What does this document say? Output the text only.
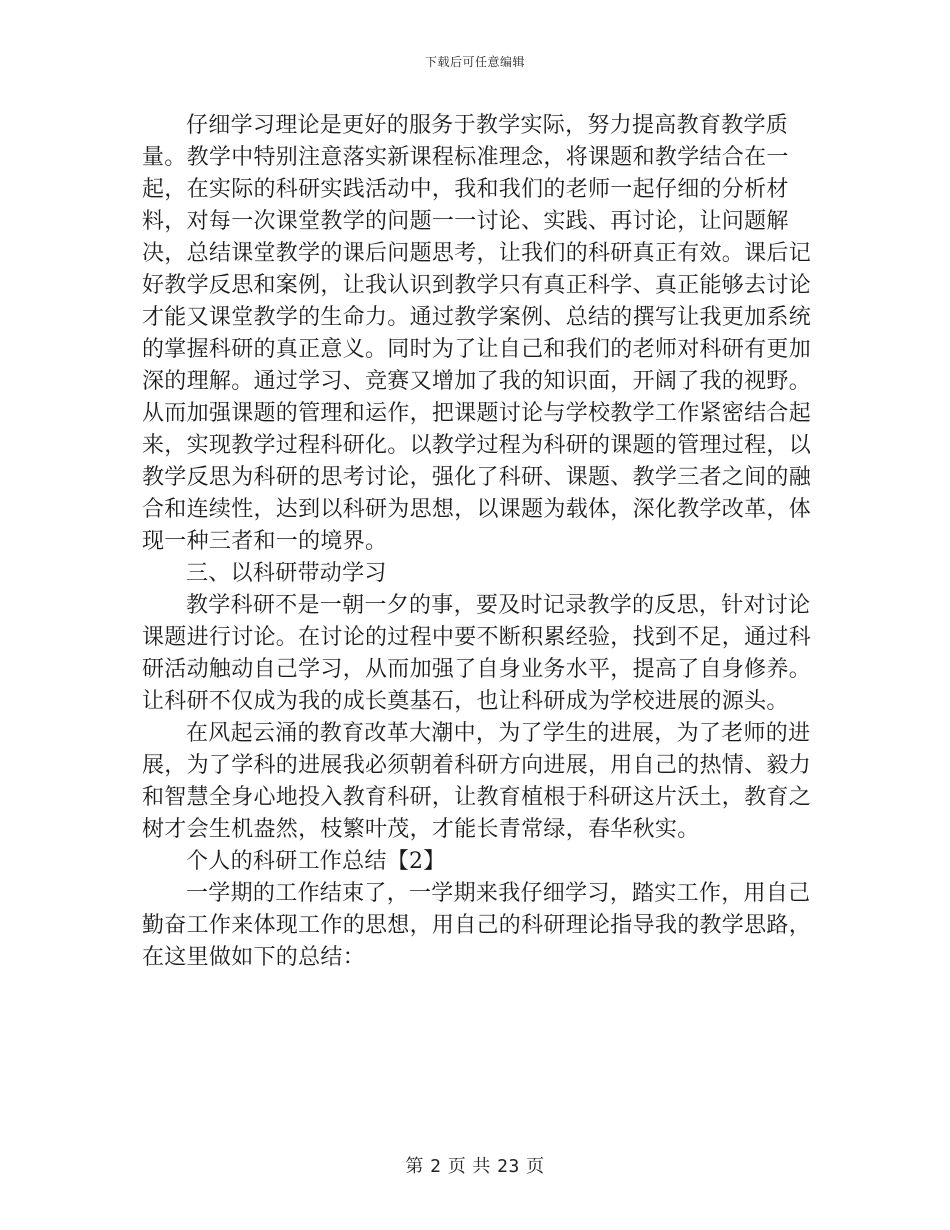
下载后可任意编辑

仔细学习理论是更好的服务于教学实际，努力提高教育教学质量。教学中特别注意落实新课程标准理念，将课题和教学结合在一起，在实际的科研实践活动中，我和我们的老师一起仔细的分析材料，对每一次课堂教学的问题一一讨论、实践、再讨论，让问题解决，总结课堂教学的课后问题思考，让我们的科研真正有效。课后记好教学反思和案例，让我认识到教学只有真正科学、真正能够去讨论才能又课堂教学的生命力。通过教学案例、总结的撰写让我更加系统的掌握科研的真正意义。同时为了让自己和我们的老师对科研有更加深的理解。通过学习、竞赛又增加了我的知识面，开阔了我的视野。从而加强课题的管理和运作，把课题讨论与学校教学工作紧密结合起来，实现教学过程科研化。以教学过程为科研的课题的管理过程，以教学反思为科研的思考讨论，强化了科研、课题、教学三者之间的融合和连续性，达到以科研为思想，以课题为载体，深化教学改革，体现一种三者和一的境界。

三、以科研带动学习

教学科研不是一朝一夕的事，要及时记录教学的反思，针对讨论课题进行讨论。在讨论的过程中要不断积累经验，找到不足，通过科研活动触动自己学习，从而加强了自身业务水平，提高了自身修养。让科研不仅成为我的成长奠基石，也让科研成为学校进展的源头。

在风起云涌的教育改革大潮中，为了学生的进展，为了老师的进展，为了学科的进展我必须朝着科研方向进展，用自己的热情、毅力和智慧全身心地投入教育科研，让教育植根于科研这片沃土，教育之树才会生机盎然，枝繁叶茂，才能长青常绿，春华秋实。

个人的科研工作总结【2】

一学期的工作结束了，一学期来我仔细学习，踏实工作，用自己勤奋工作来体现工作的思想，用自己的科研理论指导我的教学思路，在这里做如下的总结：

第 2 页 共 23 页
